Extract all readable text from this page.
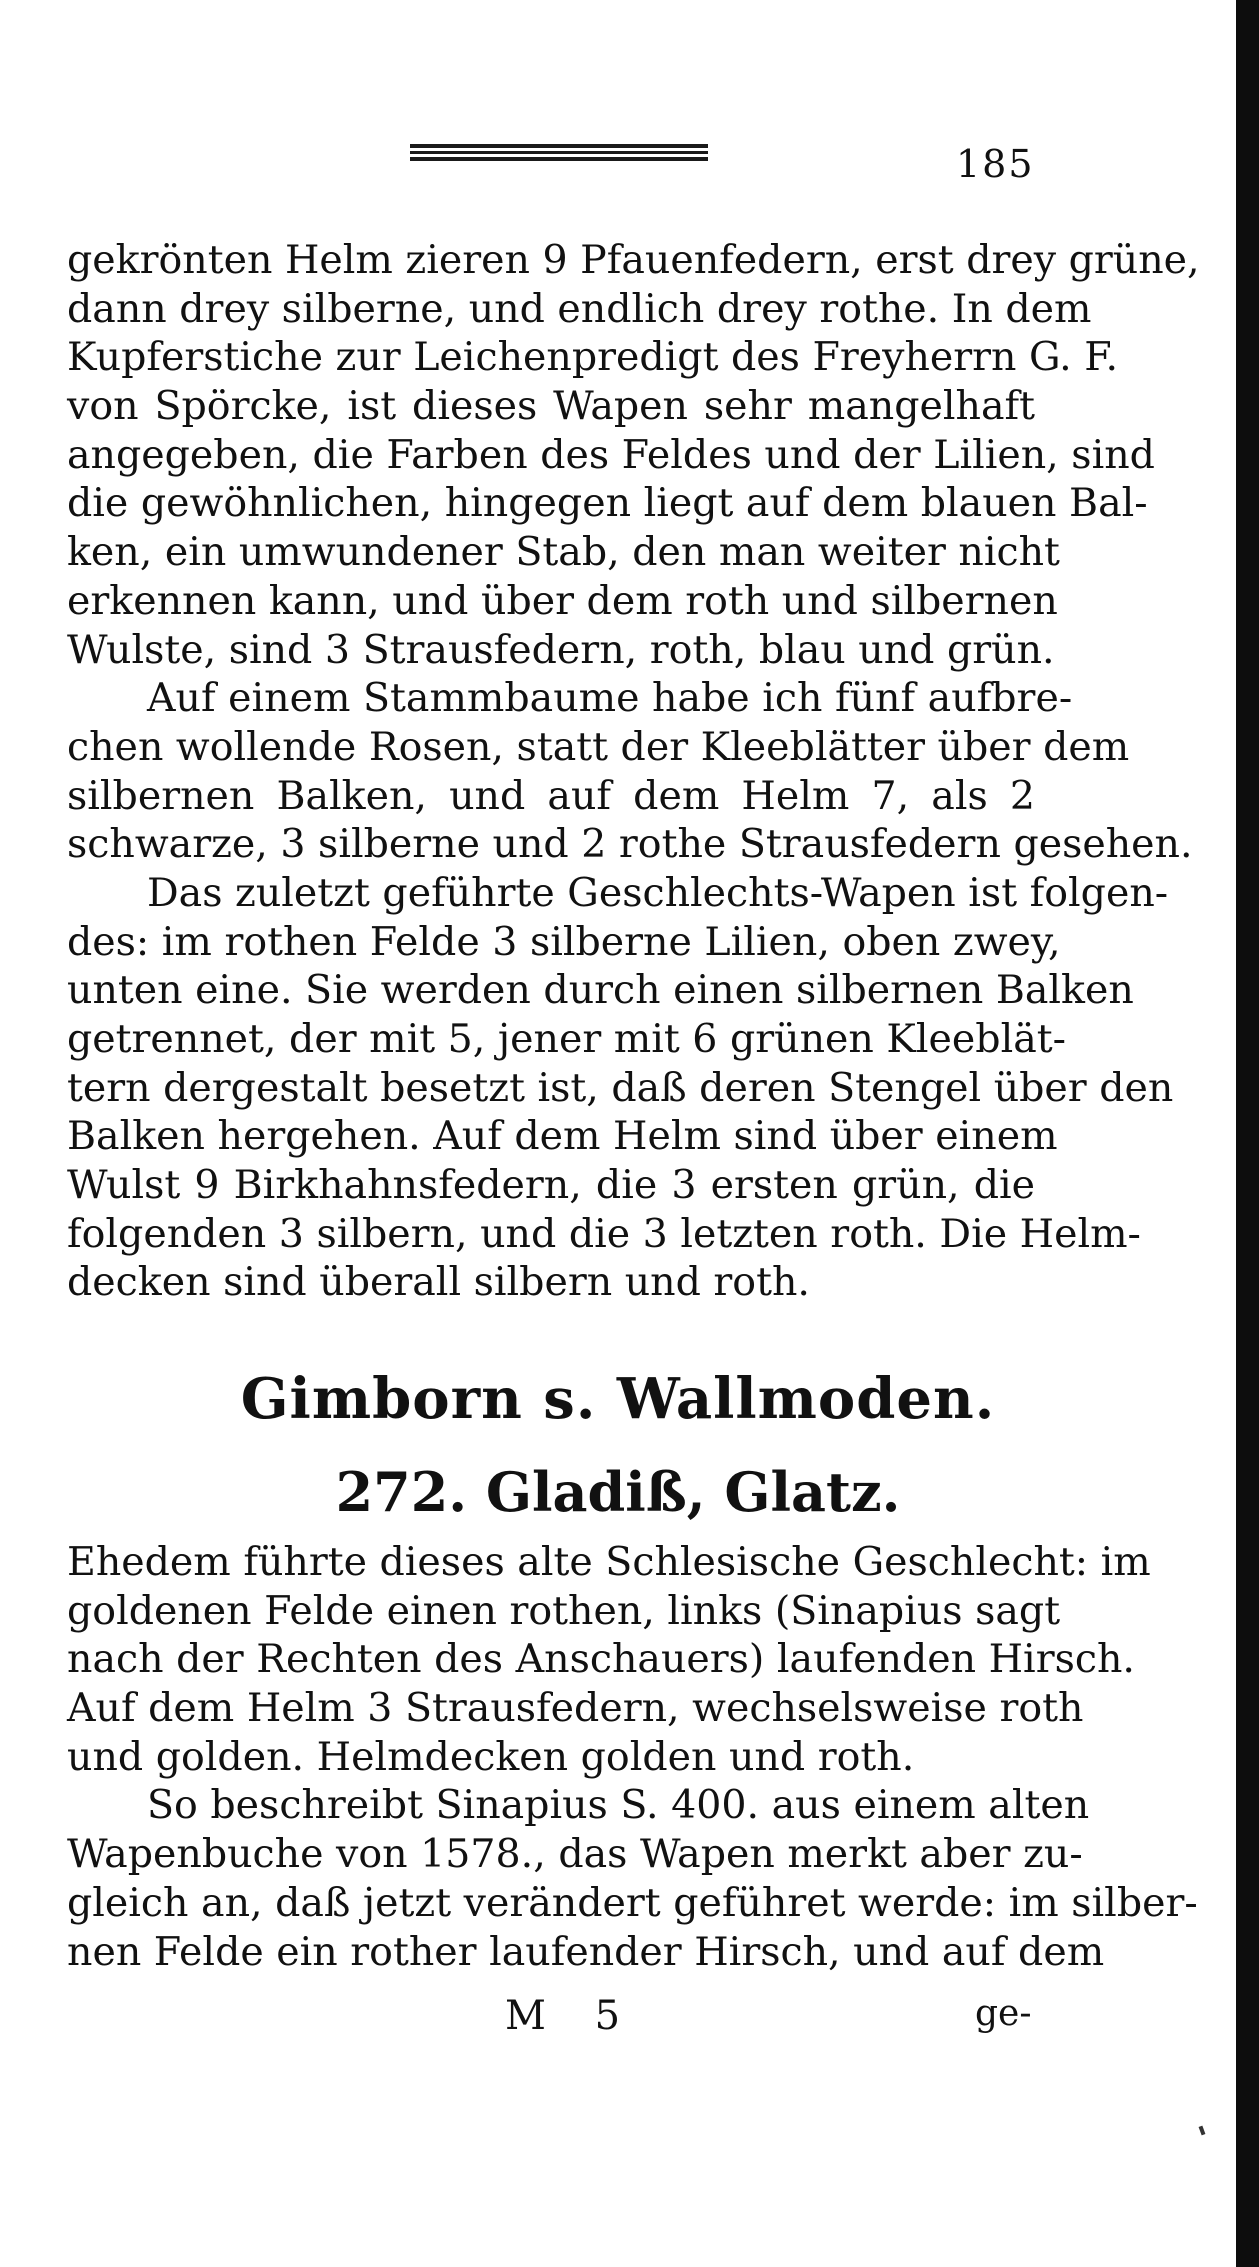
185
gekrönten Helm zieren 9 Pfauenfedern, erst drey grüne,
dann drey silberne, und endlich drey rothe. In dem
Kupferstiche zur Leichenpredigt des Freyherrn G. F.
von Spörcke, ist dieses Wapen sehr mangelhaft
angegeben, die Farben des Feldes und der Lilien, sind
die gewöhnlichen, hingegen liegt auf dem blauen Bal-
ken, ein umwundener Stab, den man weiter nicht
erkennen kann, und über dem roth und silbernen
Wulste, sind 3 Strausfedern, roth, blau und grün.
Auf einem Stammbaume habe ich fünf aufbre-
chen wollende Rosen, statt der Kleeblätter über dem
silbernen Balken, und auf dem Helm 7, als 2
schwarze, 3 silberne und 2 rothe Strausfedern gesehen.
Das zuletzt geführte Geschlechts-Wapen ist folgen-
des: im rothen Felde 3 silberne Lilien, oben zwey,
unten eine. Sie werden durch einen silbernen Balken
getrennet, der mit 5, jener mit 6 grünen Kleeblät-
tern dergestalt besetzt ist, daß deren Stengel über den
Balken hergehen. Auf dem Helm sind über einem
Wulst 9 Birkhahnsfedern, die 3 ersten grün, die
folgenden 3 silbern, und die 3 letzten roth. Die Helm-
decken sind überall silbern und roth.
Gimborn s. Wallmoden.
272. Gladiß, Glatz.
Ehedem führte dieses alte Schlesische Geschlecht: im
goldenen Felde einen rothen, links (Sinapius sagt
nach der Rechten des Anschauers) laufenden Hirsch.
Auf dem Helm 3 Strausfedern, wechselsweise roth
und golden. Helmdecken golden und roth.
So beschreibt Sinapius S. 400. aus einem alten
Wapenbuche von 1578., das Wapen merkt aber zu-
gleich an, daß jetzt verändert geführet werde: im silber-
nen Felde ein rother laufender Hirsch, und auf dem
M 5	ge-
